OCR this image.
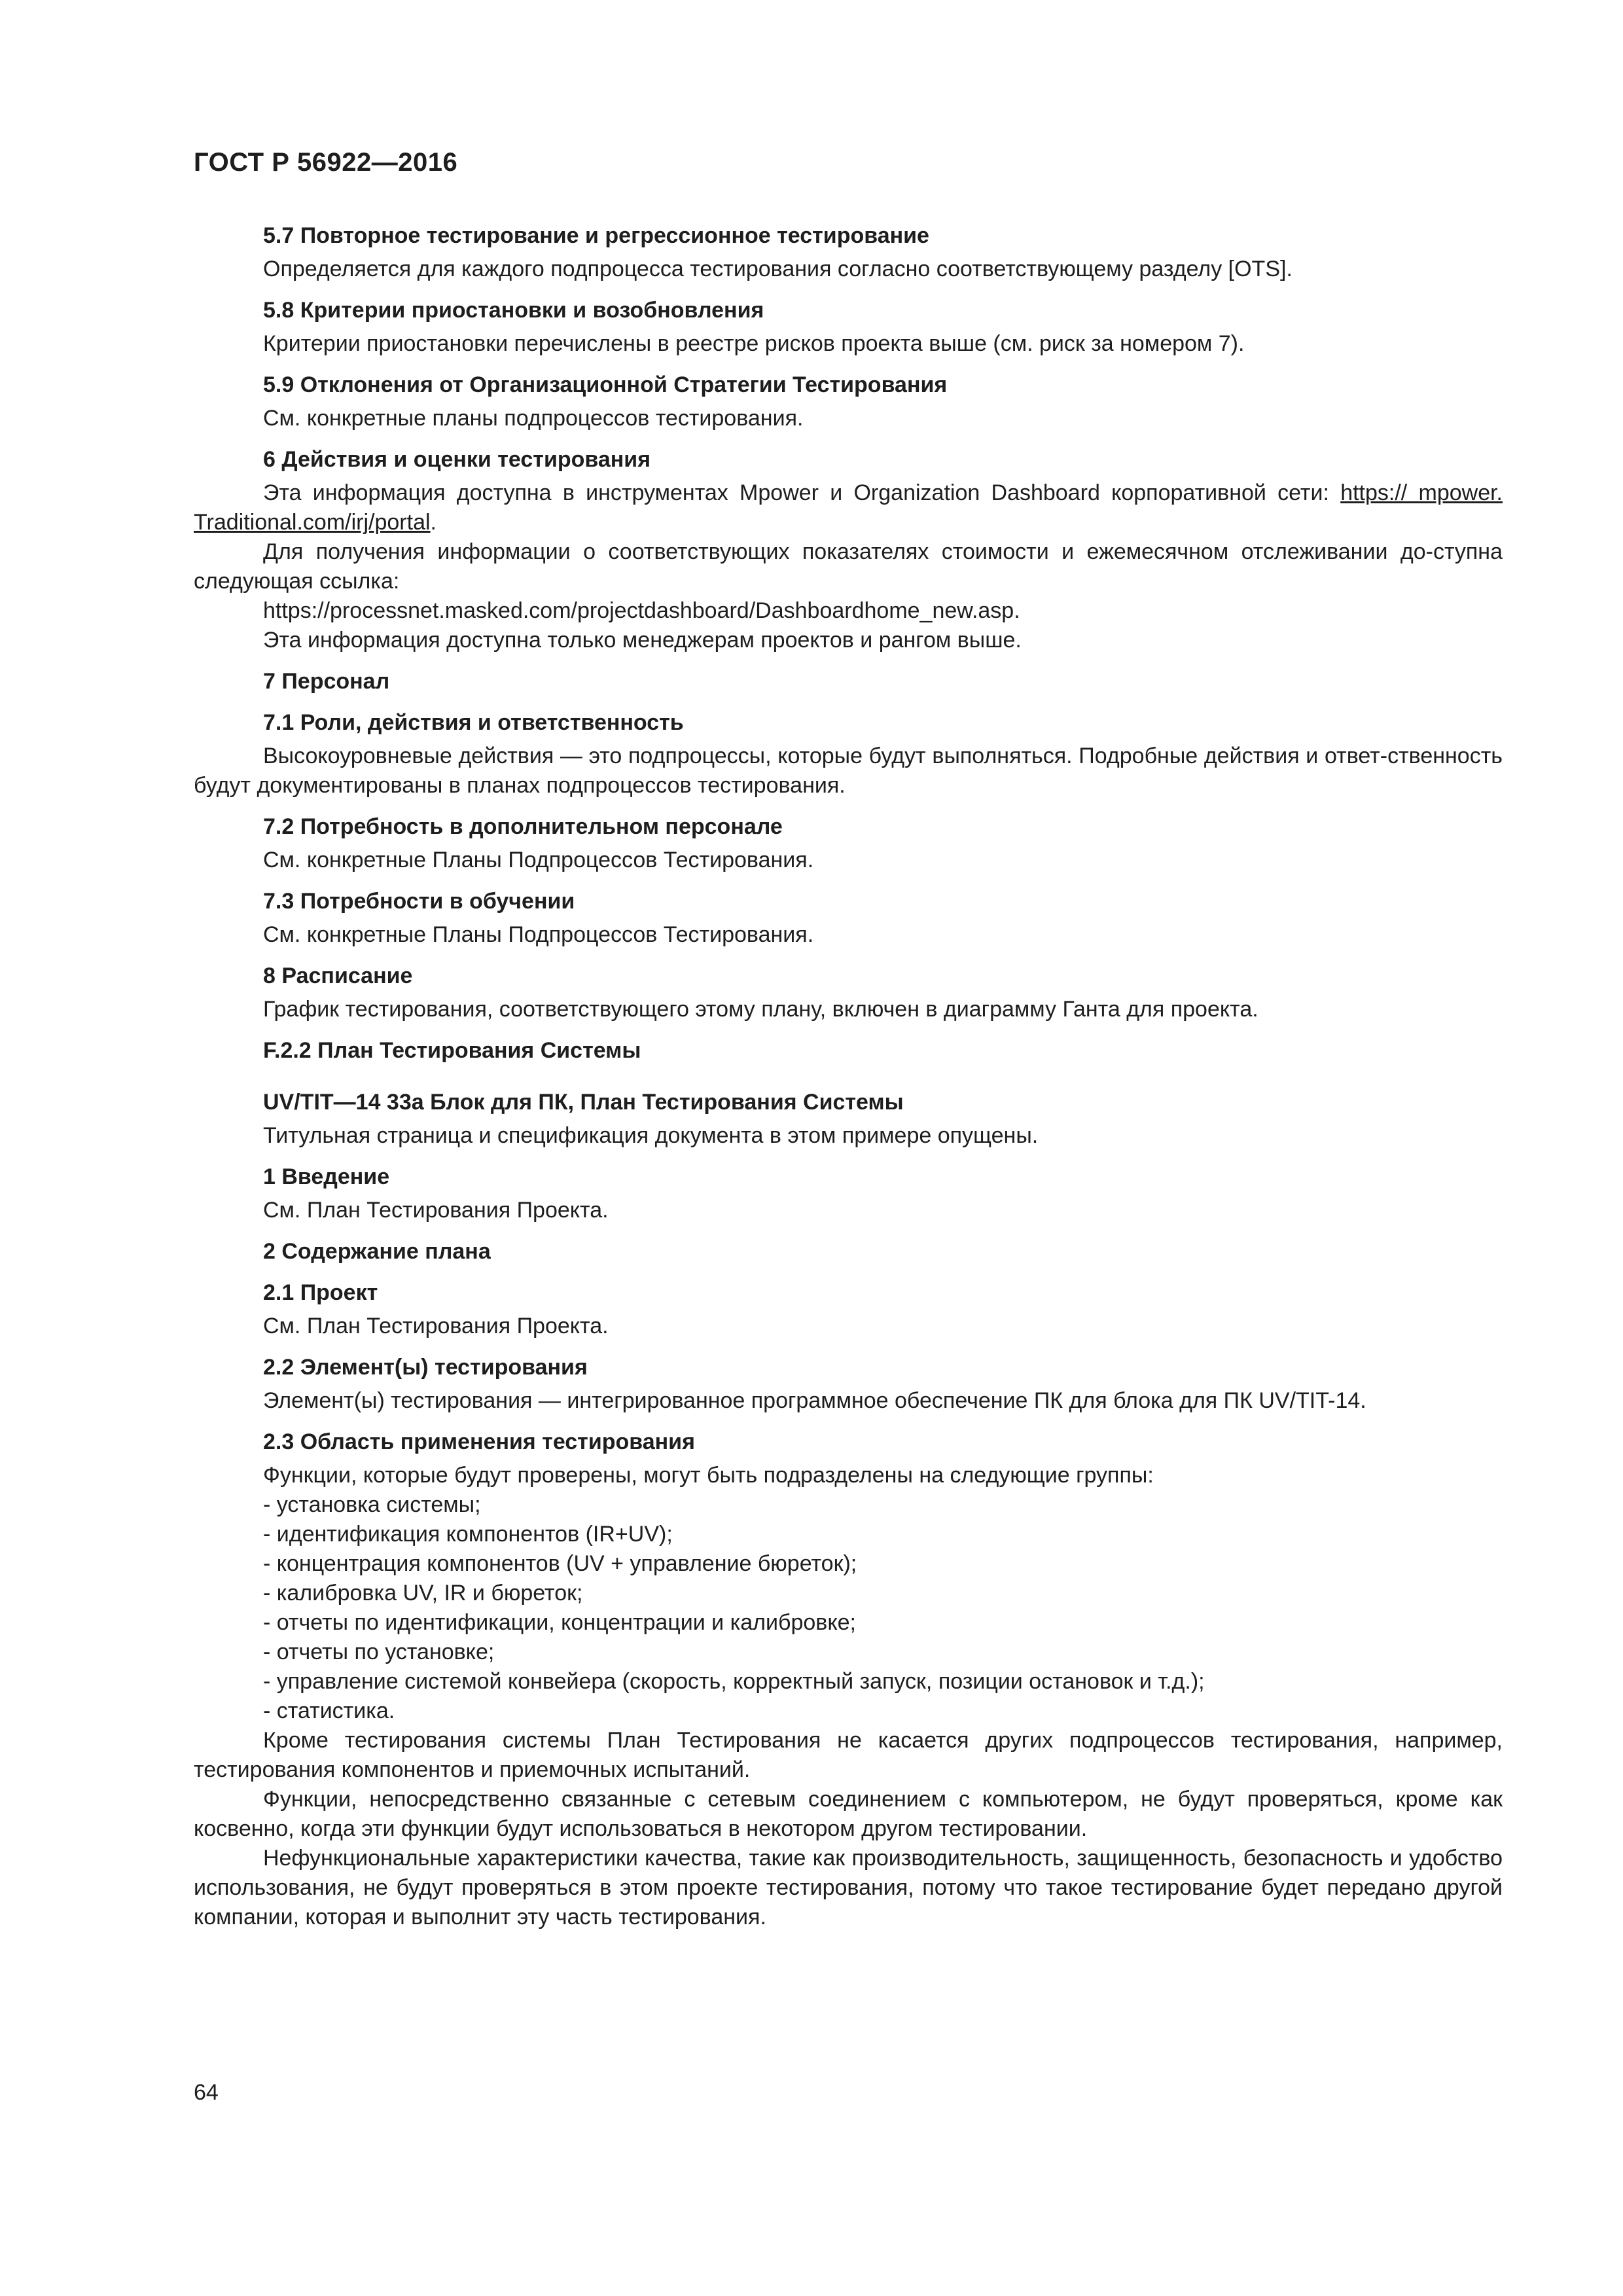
ГОСТ Р 56922—2016
5.7 Повторное тестирование и регрессионное тестирование
Определяется для каждого подпроцесса тестирования согласно соответствующему разделу [OTS].
5.8 Критерии приостановки и возобновления
Критерии приостановки перечислены в реестре рисков проекта выше (см. риск за номером 7).
5.9 Отклонения от Организационной Стратегии Тестирования
См. конкретные планы подпроцессов тестирования.
6 Действия и оценки тестирования
Эта информация доступна в инструментах Mpower и Organization Dashboard корпоративной сети: https:// mpower. Traditional.com/irj/portal.
Для получения информации о соответствующих показателях стоимости и ежемесячном отслеживании до-ступна следующая ссылка:
https://processnet.masked.com/projectdashboard/Dashboardhome_new.asp.
Эта информация доступна только менеджерам проектов и рангом выше.
7 Персонал
7.1 Роли, действия и ответственность
Высокоуровневые действия — это подпроцессы, которые будут выполняться. Подробные действия и ответ-ственность будут документированы в планах подпроцессов тестирования.
7.2 Потребность в дополнительном персонале
См. конкретные Планы Подпроцессов Тестирования.
7.3 Потребности в обучении
См. конкретные Планы Подпроцессов Тестирования.
8 Расписание
График тестирования, соответствующего этому плану, включен в диаграмму Ганта для проекта.
F.2.2 План Тестирования Системы
UV/TIT—14 33а Блок для ПК, План Тестирования Системы
Титульная страница и спецификация документа в этом примере опущены.
1 Введение
См. План Тестирования Проекта.
2 Содержание плана
2.1 Проект
См. План Тестирования Проекта.
2.2 Элемент(ы) тестирования
Элемент(ы) тестирования — интегрированное программное обеспечение ПК для блока для ПК UV/TIT-14.
2.3 Область применения тестирования
Функции, которые будут проверены, могут быть подразделены на следующие группы:
- установка системы;
- идентификация компонентов (IR+UV);
- концентрация компонентов (UV + управление бюреток);
- калибровка UV, IR и бюреток;
- отчеты по идентификации, концентрации и калибровке;
- отчеты по установке;
- управление системой конвейера (скорость, корректный запуск, позиции остановок и т.д.);
- статистика.
Кроме тестирования системы План Тестирования не касается других подпроцессов тестирования, например, тестирования компонентов и приемочных испытаний.
Функции, непосредственно связанные с сетевым соединением с компьютером, не будут проверяться, кроме как косвенно, когда эти функции будут использоваться в некотором другом тестировании.
Нефункциональные характеристики качества, такие как производительность, защищенность, безопасность и удобство использования, не будут проверяться в этом проекте тестирования, потому что такое тестирование будет передано другой компании, которая и выполнит эту часть тестирования.
64
